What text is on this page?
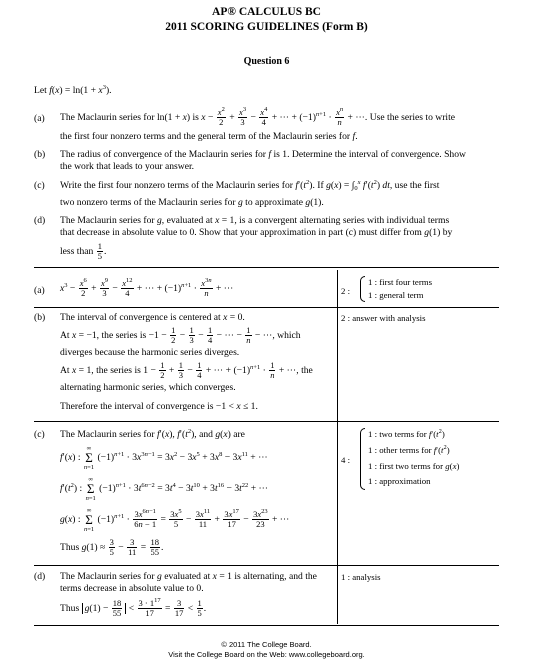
AP® CALCULUS BC
2011 SCORING GUIDELINES (Form B)
Question 6
Let $f(x) = \ln(1 + x^3)$.
(a) The Maclaurin series for ln(1 + x) is $x - \frac{x^2}{2} + \frac{x^3}{3} - \frac{x^4}{4}$ + ⋯ + $(-1)^{n+1} \cdot \frac{x^n}{n}$ + ⋯. Use the series to write
the first four nonzero terms and the general term of the Maclaurin series for f.
(b) The radius of convergence of the Maclaurin series for f is 1. Determine the interval of convergence. Show
the work that leads to your answer.
(c) Write the first four nonzero terms of the Maclaurin series for $f'(t^2)$. If $g(x) = \int_0^x$ $f'(t^2)$ dt, use the first
two nonzero terms of the Maclaurin series for g to approximate g(1).
(d) The Maclaurin series for g, evaluated at x = 1, is a convergent alternating series with individual terms
that decrease in absolute value to 0. Show that your approximation in part (c) must differ from g(1) by
less than $\frac{1}{5}$ .
(a) $x^3 - \frac{x^6}{2} + \frac{x^9}{3} - \frac{x^{12}}{4}$ + ⋯ + $(-1)^{n+1} \cdot \frac{x^{3n}}{n}$ + ⋯	2 :
1 : first four terms
1 : general term
(b) The interval of convergence is centered at x = 0.
At x = −1, the series is $-1 - \frac{1}{2} - \frac{1}{3} - \frac{1}{4}$ − ⋯ − $\frac{1}{n}$ − ⋯, which
diverges because the harmonic series diverges.
At x = 1, the series is $1 - \frac{1}{2} + \frac{1}{3} - \frac{1}{4}$ + ⋯ + $(-1)^{n+1} \cdot \frac{1}{n}$ + ⋯, the
alternating harmonic series, which converges.
Therefore the interval of convergence is −1 < x ≤ 1.
2 : answer with analysis
(c) The Maclaurin series for f′(x), $f'(t^2)$, and g(x) are
f′(x) : ∞
Σ
n=1 $(-1)^{n+1} \cdot 3x^{3n-1} = 3x^2 - 3x^5 + 3x^8 - 3x^{11}$ + ⋯
$f'(t^2)$ : ∞
Σ
n=1 $(-1)^{n+1} \cdot 3t^{6n-2} = 3t^4 - 3t^{10} + 3t^{16} - 3t^{22}$ + ⋯
g(x) : ∞
Σ
n=1 $(-1)^{n+1} \cdot \frac{3x^{6n-1}}{6n - 1} = \frac{3x^5}{5} - \frac{3x^{11}}{11} + \frac{3x^{17}}{17} - \frac{3x^{23}}{23}$ + ⋯
Thus $g(1) \approx \frac{3}{5} - \frac{3}{11} = \frac{18}{55}$ .
4 :
1 : two terms for $f'(t^2)$
1 : other terms for $f'(t^2)$
1 : first two terms for g(x)
1 : approximation
(d) The Maclaurin series for g evaluated at x = 1 is alternating, and the
terms decrease in absolute value to 0.
Thus $g(1) - \frac{18}{55} < \frac{3 \cdot 1^{17}}{17} = \frac{3}{17} < \frac{1}{5}$ .
1 : analysis
© 2011 The College Board.
Visit the College Board on the Web: www.collegeboard.org.
